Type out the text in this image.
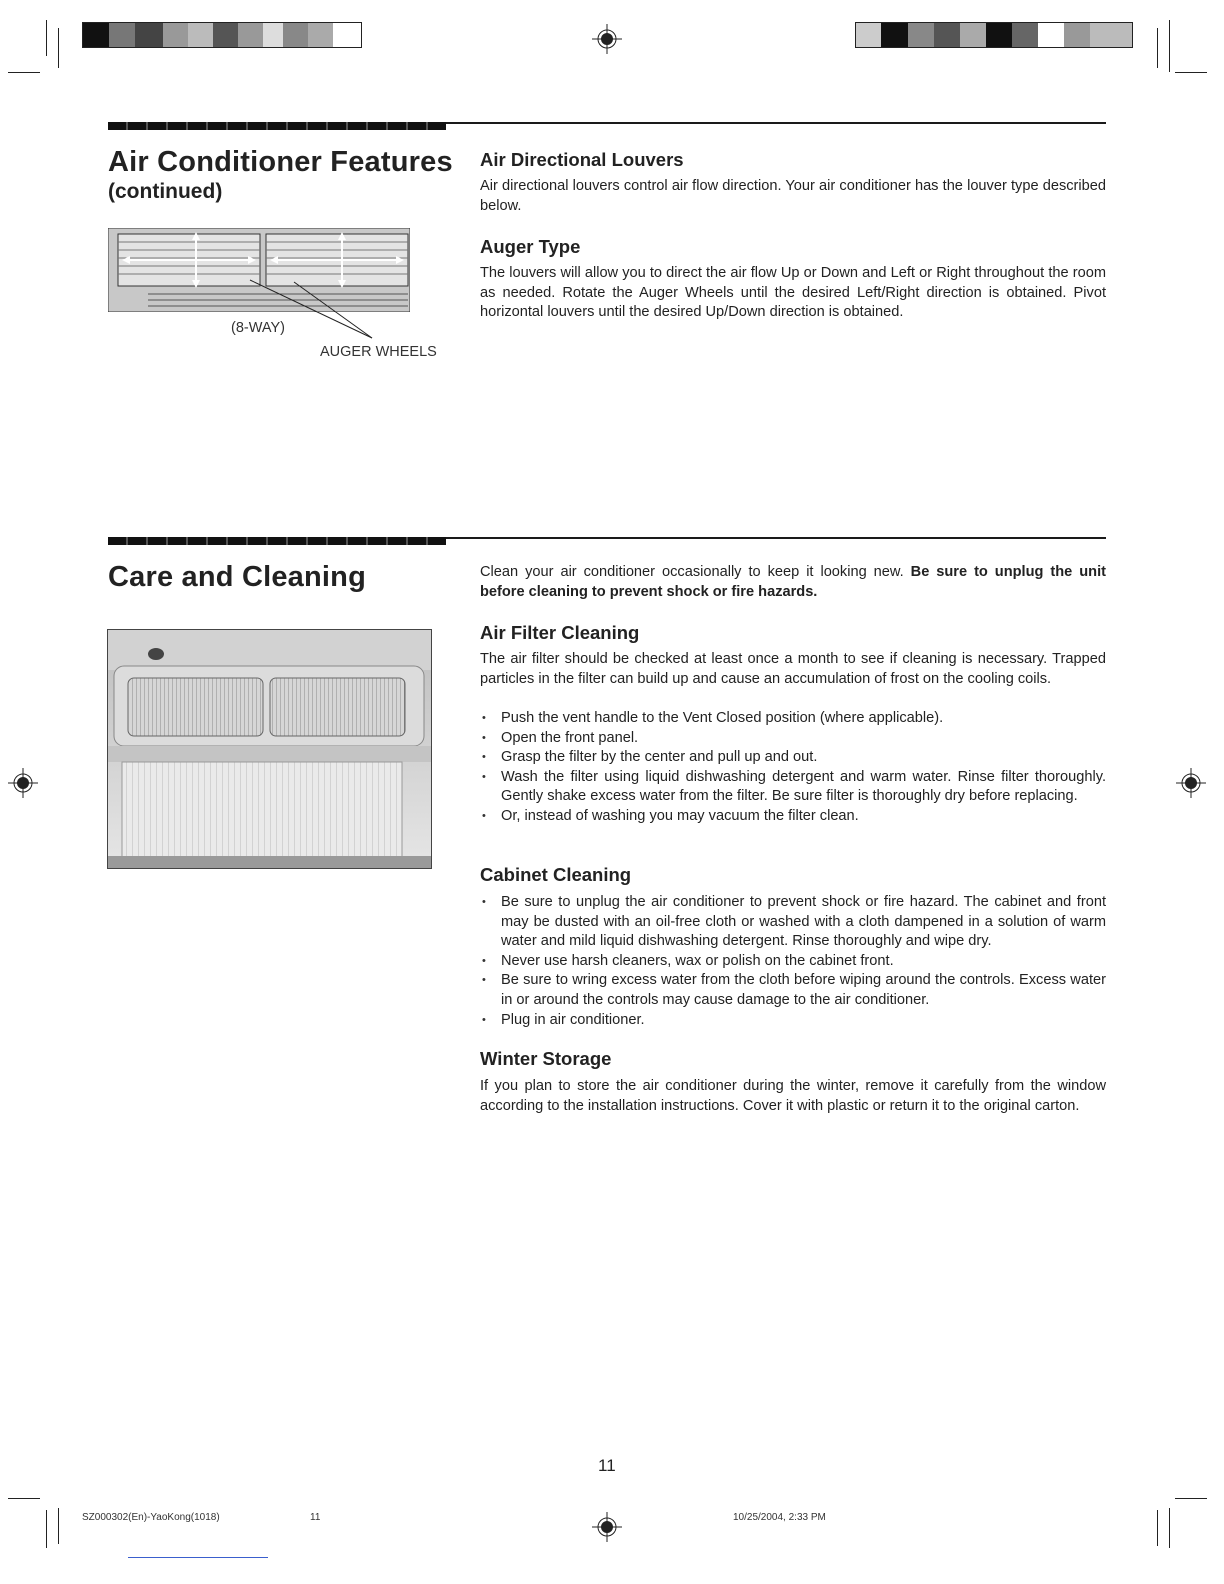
Air Conditioner Features
(continued)
(8-WAY)
AUGER WHEELS
Air Directional Louvers
Air directional louvers control air flow direction. Your air conditioner has the louver type described below.
Auger Type
The louvers will allow you to direct the air flow Up or Down and Left or Right throughout the room as needed. Rotate the Auger Wheels until the desired Left/Right direction is obtained. Pivot horizontal louvers until the desired Up/Down direction is obtained.
Care and Cleaning	Clean your air conditioner occasionally to keep it looking new. Be sure to unplug the unit before cleaning to prevent shock or fire hazards.
Air Filter Cleaning
The air filter should be checked at least once a month to see if cleaning is necessary. Trapped particles in the filter can build up and cause an accumulation of frost on the cooling coils.
• Push the vent handle to the Vent Closed position (where applicable).
• Open the front panel.
• Grasp the filter by the center and pull up and out.
• Wash the filter using liquid dishwashing detergent and warm water. Rinse filter thoroughly. Gently shake excess water from the filter. Be sure filter is thoroughly dry before replacing.
• Or, instead of washing you may vacuum the filter clean.
Cabinet Cleaning
• Be sure to unplug the air conditioner to prevent shock or fire hazard. The cabinet and front may be dusted with an oil-free cloth or washed with a cloth dampened in a solution of warm water and mild liquid dishwashing detergent. Rinse thoroughly and wipe dry.
• Never use harsh cleaners, wax or polish on the cabinet front.
• Be sure to wring excess water from the cloth before wiping around the controls. Excess water in or around the controls may cause damage to the air conditioner.
• Plug in air conditioner.
Winter Storage
If you plan to store the air conditioner during the winter, remove it carefully from the window according to the installation instructions. Cover it with plastic or return it to the original carton.
11
SZ000302(En)-YaoKong(1018)	11	10/25/2004, 2:33 PM
